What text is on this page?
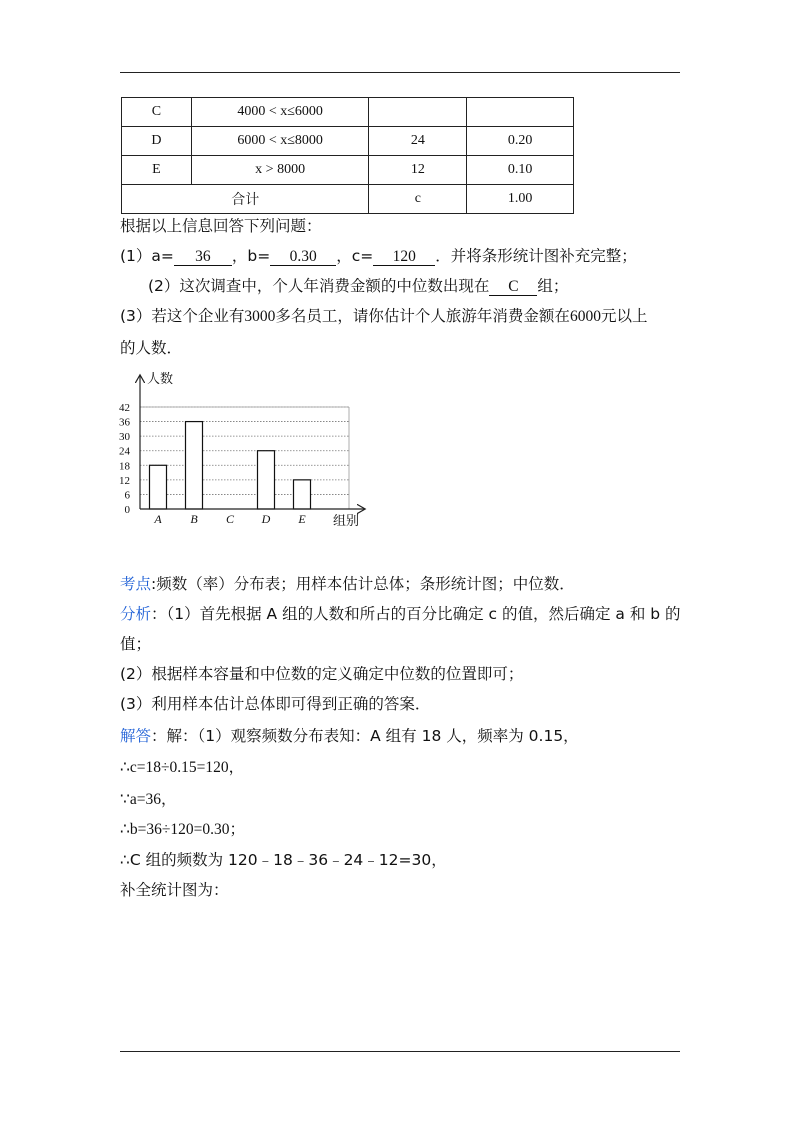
C	4000 < x≤6000		
D	6000 < x≤8000	24	0.20
E	x > 8000	12	0.10
合计		c	1.00
根据以上信息回答下列问题：
(1）a= 36 ，b= 0.30 ，c= 120 ．并将条形统计图补充完整；
(2）这次调查中，个人年消费金额的中位数出现在 C 组；
(3）若这个企业有3000多名员工，请你估计个人旅游年消费金额在6000元以上
的人数．
0
6
12
18
24
30
36
42
A B C D E
人数
组别
考点:频数（率）分布表；用样本估计总体；条形统计图；中位数．
分析：（1）首先根据 A 组的人数和所占的百分比确定 c 的值，然后确定 a 和 b 的
值；
(2）根据样本容量和中位数的定义确定中位数的位置即可；
(3）利用样本估计总体即可得到正确的答案．
解答：解：（1）观察频数分布表知：A 组有 18 人，频率为 0.15，
∴c=18÷0.15=120，
∵a=36，
∴b=36÷120=0.30；
∴C 组的频数为 120﹣18﹣36﹣24﹣12=30，
补全统计图为：
